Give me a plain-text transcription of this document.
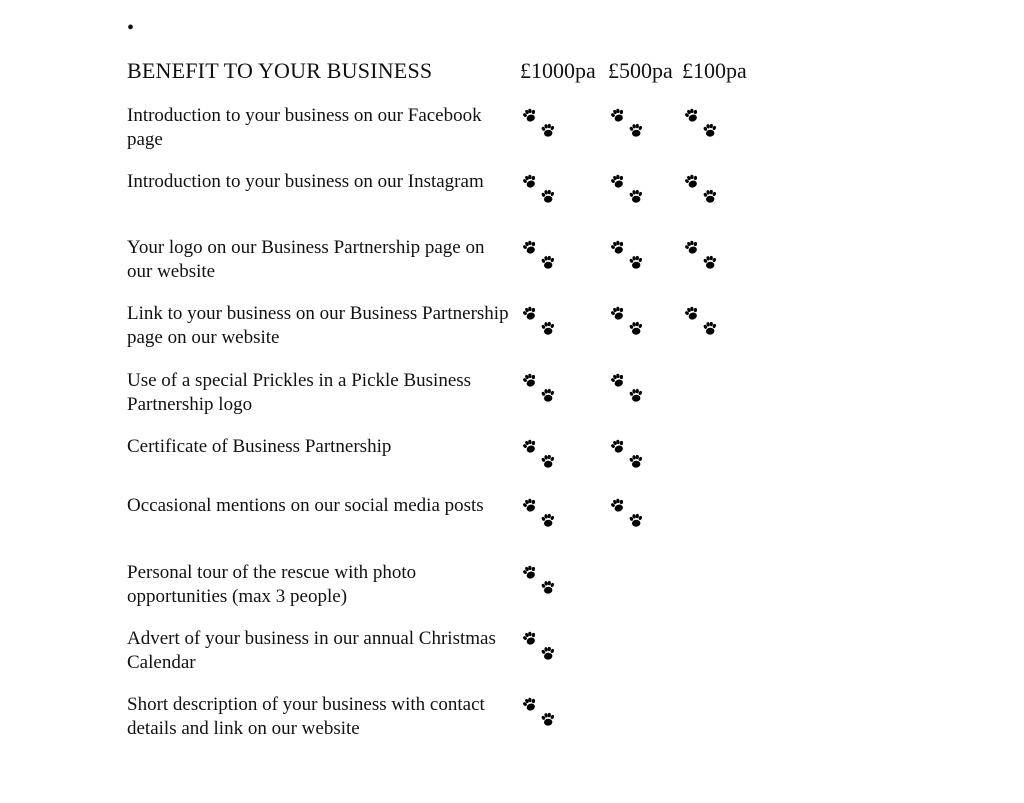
•
BENEFIT TO YOUR BUSINESS	£1000pa £500pa £100pa
Introduction to your business on our Facebook page
Introduction to your business on our Instagram
Your logo on our Business Partnership page on our website
Link to your business on our Business Partnership page on our website
Use of a special Prickles in a Pickle Business Partnership logo
Certificate of Business Partnership
Occasional mentions on our social media posts
Personal tour of the rescue with photo opportunities (max 3 people)
Advert of your business in our annual Christmas Calendar
Short description of your business with contact details and link on our website
